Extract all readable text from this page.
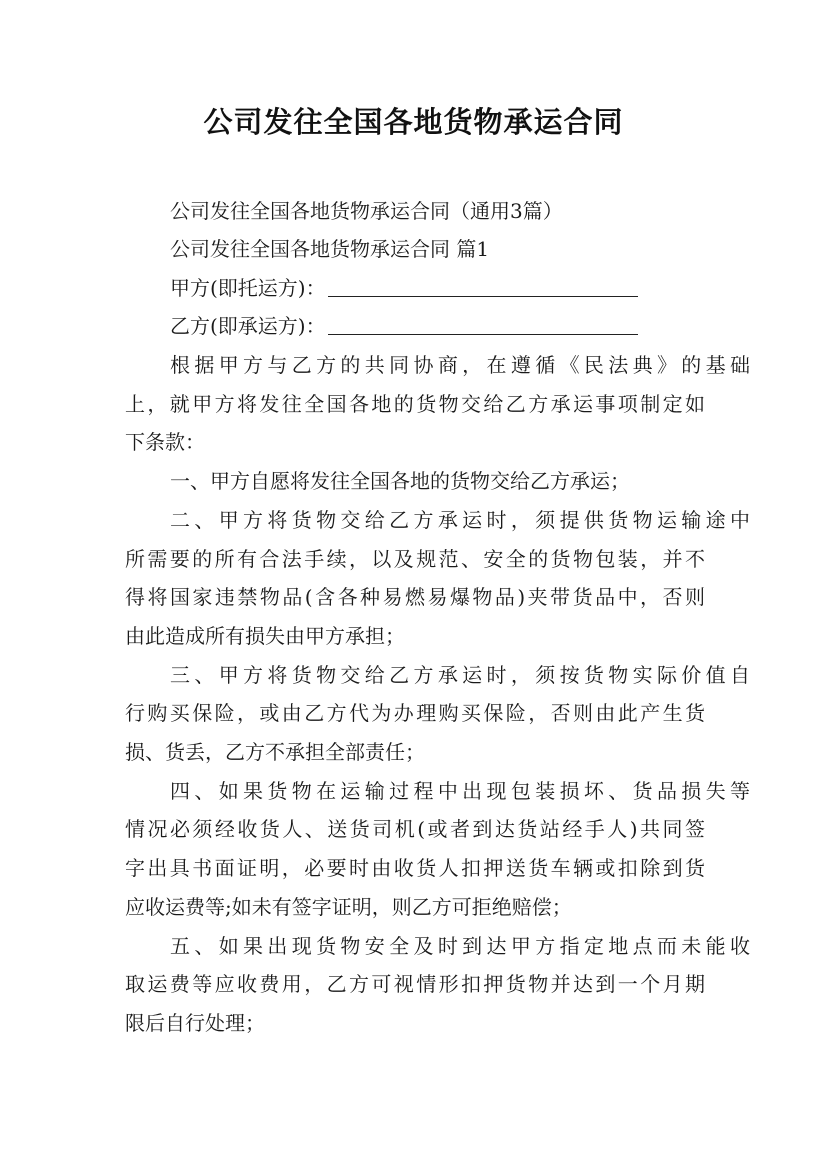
公司发往全国各地货物承运合同
公司发往全国各地货物承运合同（通用3篇）
公司发往全国各地货物承运合同 篇1
甲方(即托运方)：
乙方(即承运方)：
根据甲方与乙方的共同协商，在遵循《民法典》的基础
上，就甲方将发往全国各地的货物交给乙方承运事项制定如
下条款：
一、甲方自愿将发往全国各地的货物交给乙方承运；
二、甲方将货物交给乙方承运时，须提供货物运输途中
所需要的所有合法手续，以及规范、安全的货物包装，并不
得将国家违禁物品(含各种易燃易爆物品)夹带货品中，否则
由此造成所有损失由甲方承担；
三、甲方将货物交给乙方承运时，须按货物实际价值自
行购买保险，或由乙方代为办理购买保险，否则由此产生货
损、货丢，乙方不承担全部责任；
四、如果货物在运输过程中出现包装损坏、货品损失等
情况必须经收货人、送货司机(或者到达货站经手人)共同签
字出具书面证明，必要时由收货人扣押送货车辆或扣除到货
应收运费等;如未有签字证明，则乙方可拒绝赔偿；
五、如果出现货物安全及时到达甲方指定地点而未能收
取运费等应收费用，乙方可视情形扣押货物并达到一个月期
限后自行处理；
